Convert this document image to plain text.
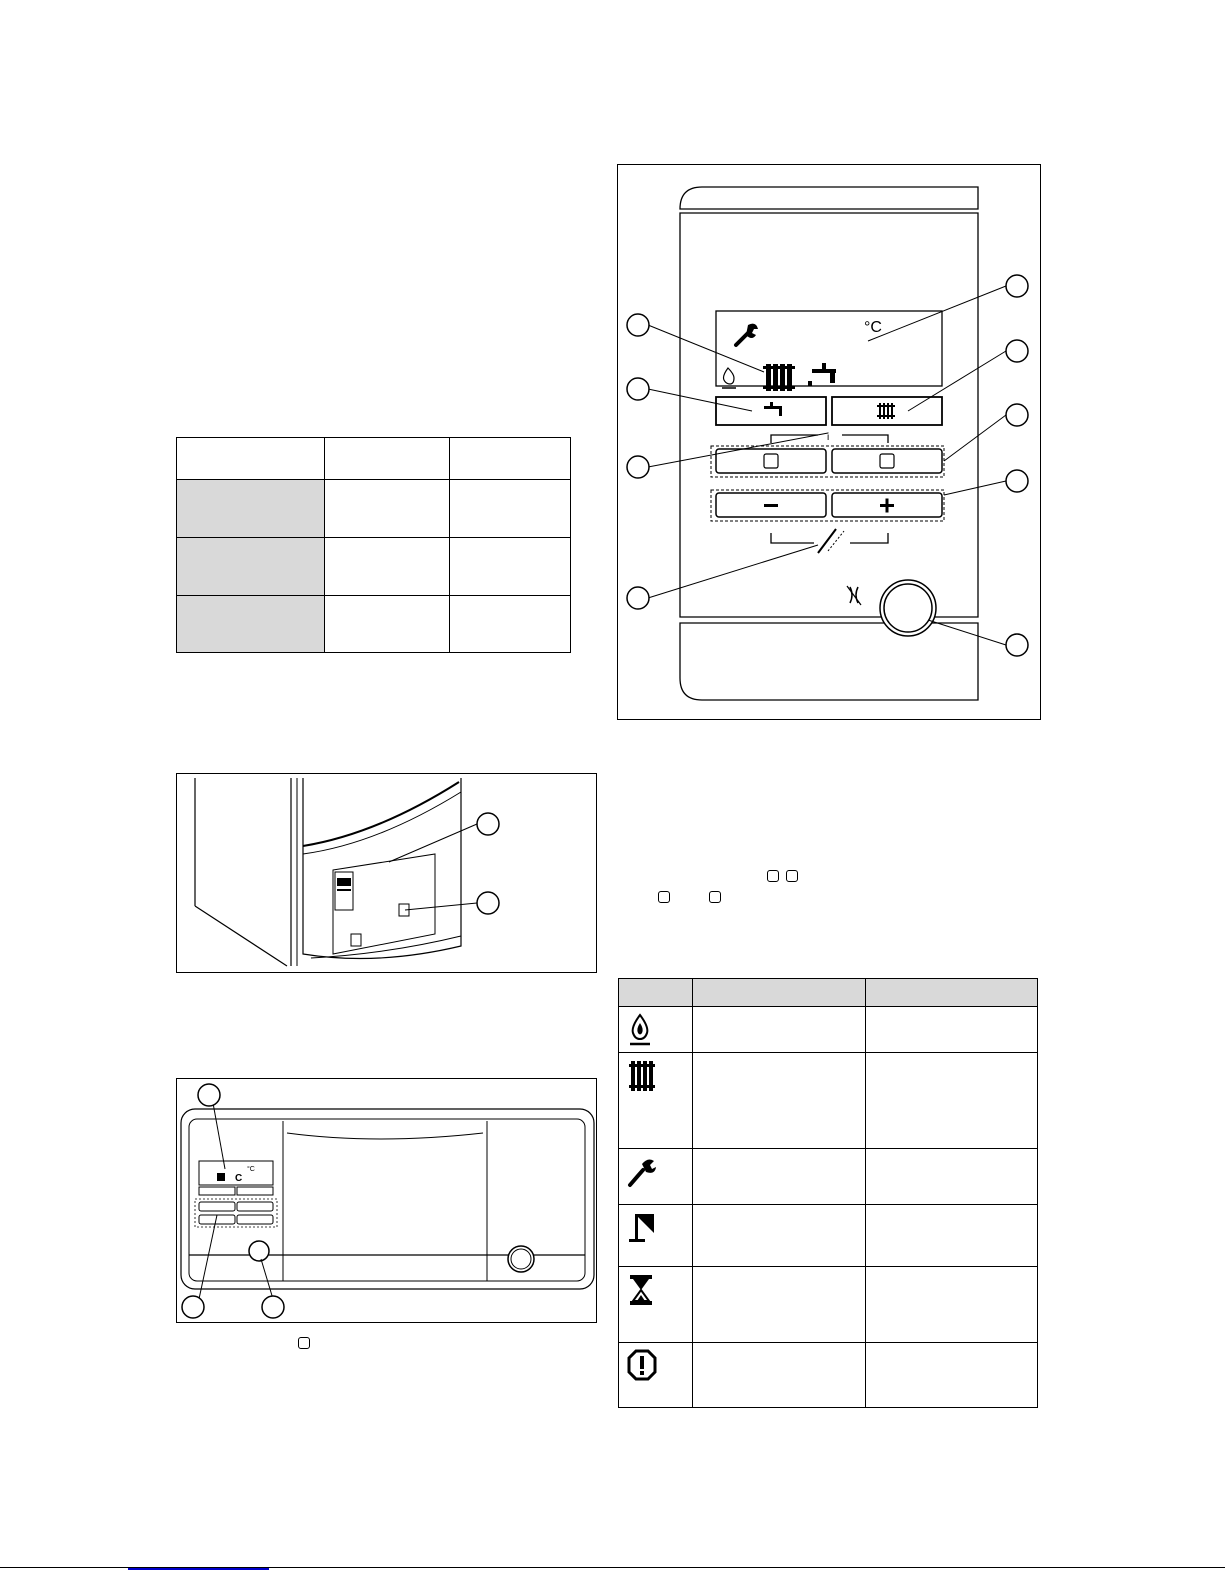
°C
i
C
°C
